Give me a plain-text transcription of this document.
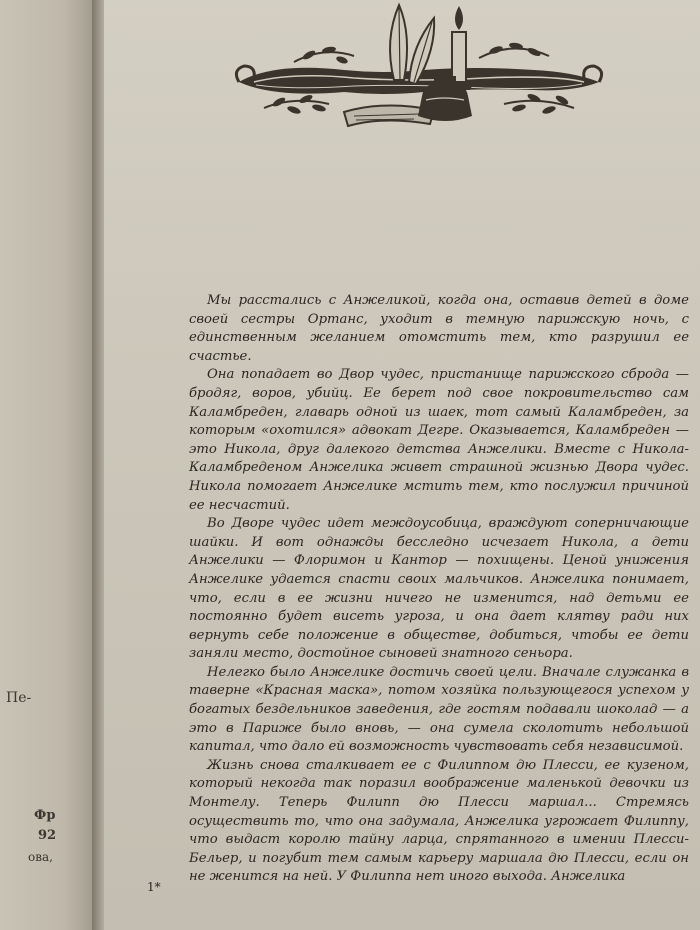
Пе-
Фр
92
ова,

Мы расстались с Анжеликой, когда она, оставив детей в доме своей сестры Ортанс, уходит в темную парижскую ночь, с единственным желанием отомстить тем, кто разрушил ее счастье.

Она попадает во Двор чудес, пристанище парижского сброда — бродяг, воров, убийц. Ее берет под свое покровительство сам Каламбреден, главарь одной из шаек, тот самый Каламбреден, за которым «охотился» адвокат Дегре. Оказывается, Каламбреден — это Никола, друг далекого детства Анжелики. Вместе с Никола-Каламбреденом Анжелика живет страшной жизнью Двора чудес. Никола помогает Анжелике мстить тем, кто послужил причиной ее несчастий.

Во Дворе чудес идет междоусобица, враждуют соперничающие шайки. И вот однажды бесследно исчезает Никола, а дети Анжелики — Флоримон и Кантор — похищены. Ценой унижения Анжелике удается спасти своих мальчиков. Анжелика понимает, что, если в ее жизни ничего не изменится, над детьми ее постоянно будет висеть угроза, и она дает клятву ради них вернуть себе положение в обществе, добиться, чтобы ее дети заняли место, достойное сыновей знатного сеньора.

Нелегко было Анжелике достичь своей цели. Вначале служанка в таверне «Красная маска», потом хозяйка пользующегося успехом у богатых бездельников заведения, где гостям подавали шоколад — а это в Париже было вновь, — она сумела сколотить небольшой капитал, что дало ей возможность чувствовать себя независимой.

Жизнь снова сталкивает ее с Филиппом дю Плесси, ее кузеном, который некогда так поразил воображение маленькой девочки из Монтелу. Теперь Филипп дю Плесси маршал... Стремясь осуществить то, что она задумала, Анжелика угрожает Филиппу, что выдаст королю тайну ларца, спрятанного в имении Плесси-Бельер, и погубит тем самым карьеру маршала дю Плесси, если он не женится на ней. У Филиппа нет иного выхода. Анжелика

1*
